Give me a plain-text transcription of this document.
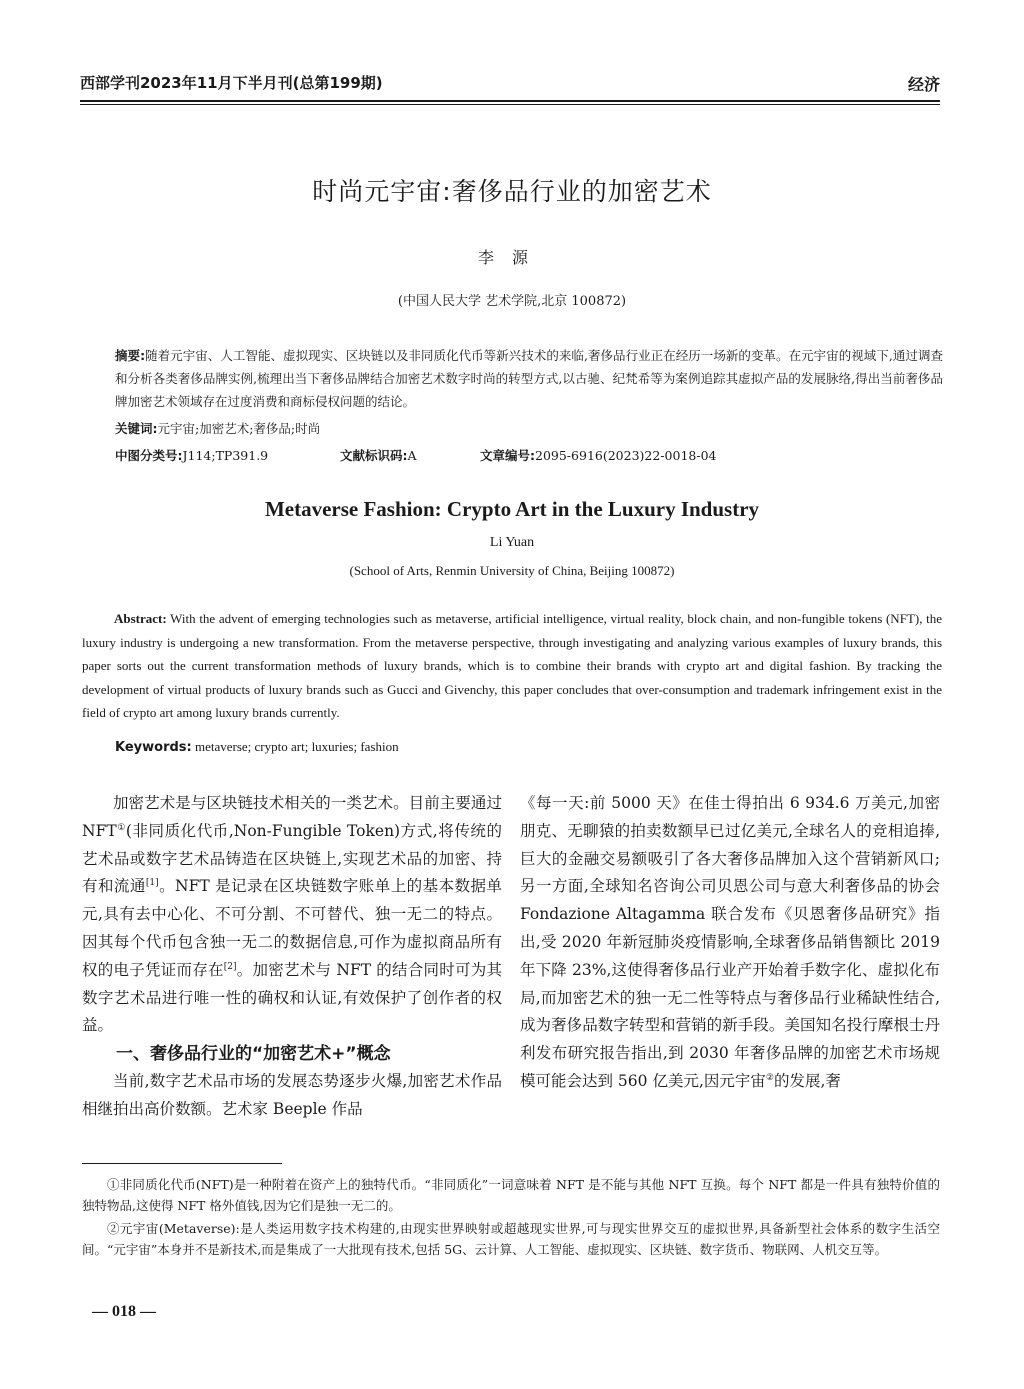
西部学刊2023年11月下半月刊(总第199期)	经济
时尚元宇宙:奢侈品行业的加密艺术
李源
(中国人民大学 艺术学院,北京 100872)
摘要:随着元宇宙、人工智能、虚拟现实、区块链以及非同质化代币等新兴技术的来临,奢侈品行业正在经历一场新的变革。在元宇宙的视域下,通过调查和分析各类奢侈品牌实例,梳理出当下奢侈品牌结合加密艺术数字时尚的转型方式,以古驰、纪梵希等为案例追踪其虚拟产品的发展脉络,得出当前奢侈品牌加密艺术领域存在过度消费和商标侵权问题的结论。
关键词:元宇宙;加密艺术;奢侈品;时尚
中图分类号:J114;TP391.9	文献标识码:A	文章编号:2095-6916(2023)22-0018-04
Metaverse Fashion: Crypto Art in the Luxury Industry
Li Yuan
(School of Arts, Renmin University of China, Beijing 100872)
Abstract: With the advent of emerging technologies such as metaverse, artificial intelligence, virtual reality, block chain, and non-fungible tokens (NFT), the luxury industry is undergoing a new transformation. From the metaverse perspective, through investigating and analyzing various examples of luxury brands, this paper sorts out the current transformation methods of luxury brands, which is to combine their brands with crypto art and digital fashion. By tracking the development of virtual products of luxury brands such as Gucci and Givenchy, this paper concludes that over-consumption and trademark infringement exist in the field of crypto art among luxury brands currently.
Keywords: metaverse; crypto art; luxuries; fashion

加密艺术是与区块链技术相关的一类艺术。目前主要通过 NFT①(非同质化代币,Non-Fungible Token)方式,将传统的艺术品或数字艺术品铸造在区块链上,实现艺术品的加密、持有和流通[1]。NFT 是记录在区块链数字账单上的基本数据单元,具有去中心化、不可分割、不可替代、独一无二的特点。因其每个代币包含独一无二的数据信息,可作为虚拟商品所有权的电子凭证而存在[2]。加密艺术与 NFT 的结合同时可为其数字艺术品进行唯一性的确权和认证,有效保护了创作者的权益。

一、奢侈品行业的“加密艺术+”概念

当前,数字艺术品市场的发展态势逐步火爆,加密艺术作品相继拍出高价数额。艺术家 Beeple 作品

《每一天:前 5000 天》在佳士得拍出 6 934.6 万美元,加密朋克、无聊猿的拍卖数额早已过亿美元,全球名人的竞相追捧,巨大的金融交易额吸引了各大奢侈品牌加入这个营销新风口;另一方面,全球知名咨询公司贝恩公司与意大利奢侈品的协会 Fondazione Altagamma 联合发布《贝恩奢侈品研究》指出,受 2020 年新冠肺炎疫情影响,全球奢侈品销售额比 2019 年下降 23%,这使得奢侈品行业产开始着手数字化、虚拟化布局,而加密艺术的独一无二性等特点与奢侈品行业稀缺性结合,成为奢侈品数字转型和营销的新手段。美国知名投行摩根士丹利发布研究报告指出,到 2030 年奢侈品牌的加密艺术市场规模可能会达到 560 亿美元,因元宇宙②的发展,奢

①非同质化代币(NFT)是一种附着在资产上的独特代币。“非同质化”一词意味着 NFT 是不能与其他 NFT 互换。每个 NFT 都是一件具有独特价值的独特物品,这使得 NFT 格外值钱,因为它们是独一无二的。

②元宇宙(Metaverse):是人类运用数字技术构建的,由现实世界映射或超越现实世界,可与现实世界交互的虚拟世界,具备新型社会体系的数字生活空间。“元宇宙”本身并不是新技术,而是集成了一大批现有技术,包括 5G、云计算、人工智能、虚拟现实、区块链、数字货币、物联网、人机交互等。

— 018 —
